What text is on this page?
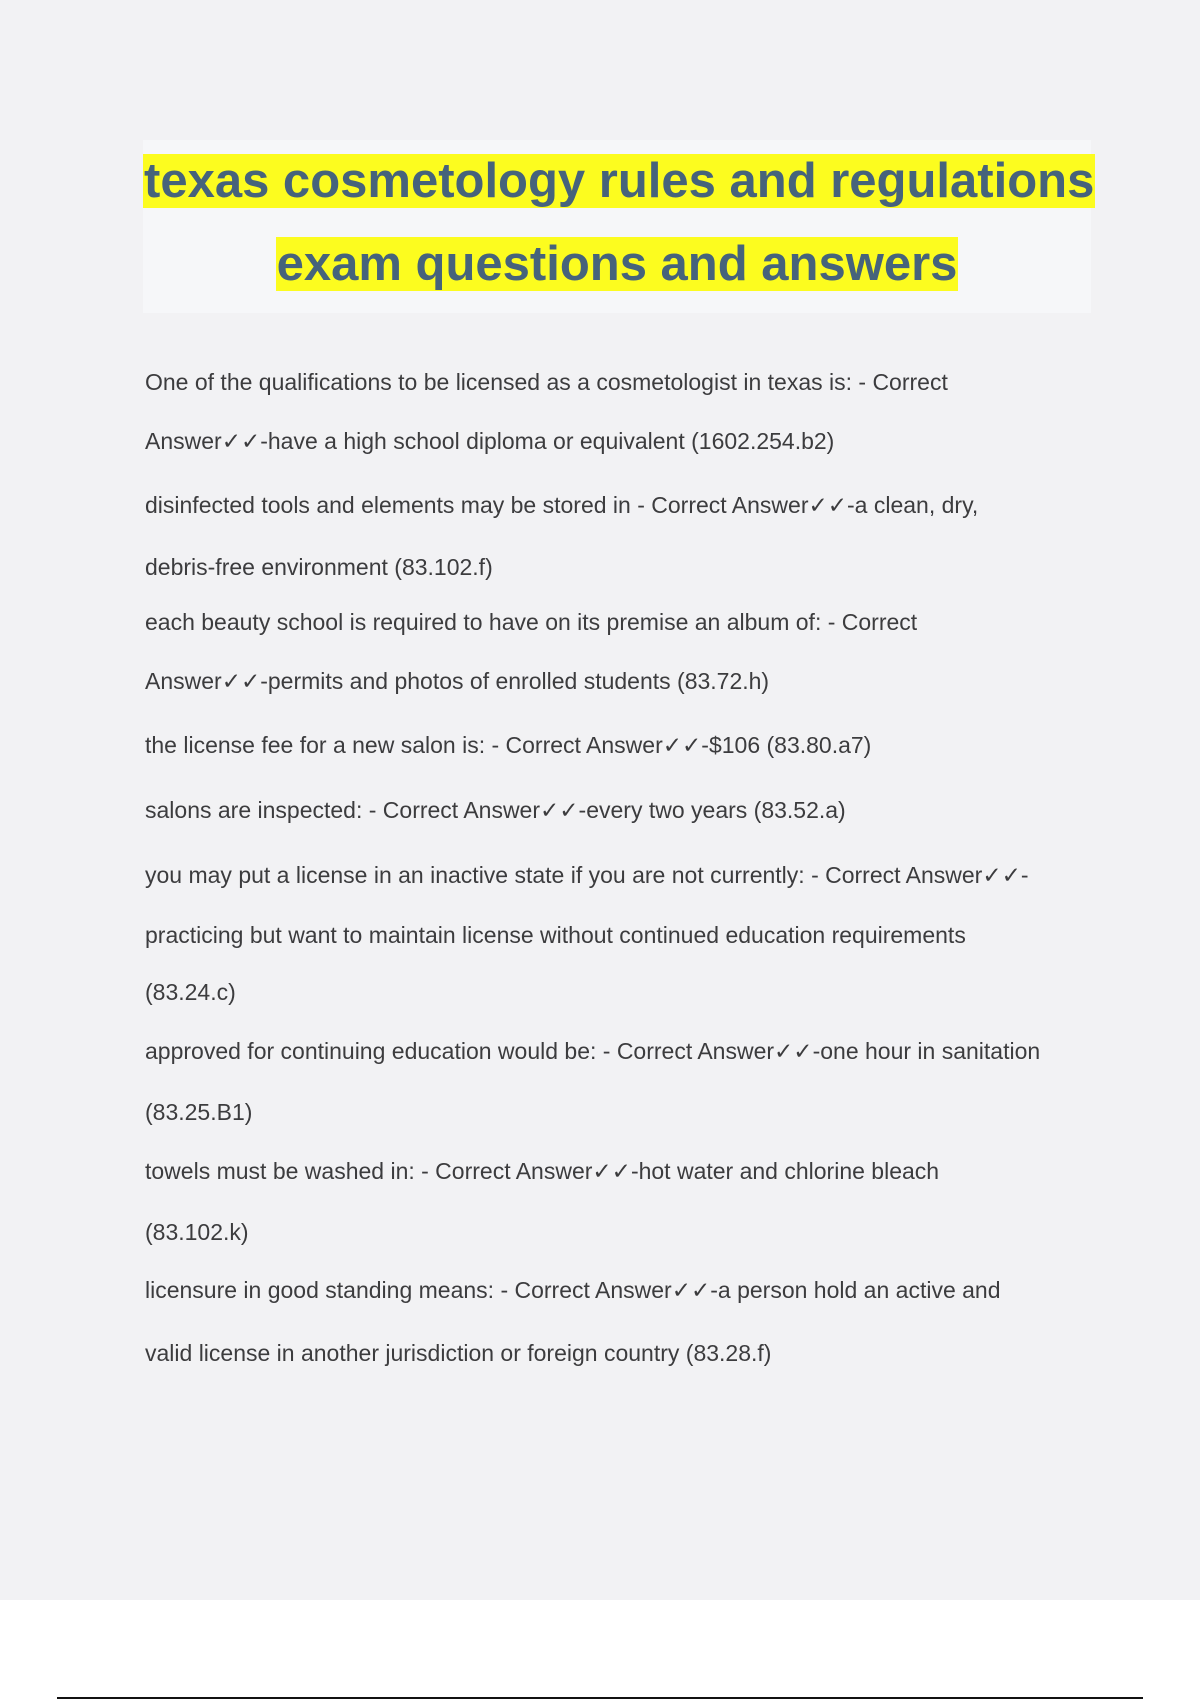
texas cosmetology rules and regulations
exam questions and answers
One of the qualifications to be licensed as a cosmetologist in texas is: - Correct
Answer✓✓-have a high school diploma or equivalent (1602.254.b2)
disinfected tools and elements may be stored in - Correct Answer✓✓-a clean, dry,
debris-free environment (83.102.f)
each beauty school is required to have on its premise an album of: - Correct
Answer✓✓-permits and photos of enrolled students (83.72.h)
the license fee for a new salon is: - Correct Answer✓✓-$106 (83.80.a7)
salons are inspected: - Correct Answer✓✓-every two years (83.52.a)
you may put a license in an inactive state if you are not currently: - Correct Answer✓✓-
practicing but want to maintain license without continued education requirements
(83.24.c)
approved for continuing education would be: - Correct Answer✓✓-one hour in sanitation
(83.25.B1)
towels must be washed in: - Correct Answer✓✓-hot water and chlorine bleach
(83.102.k)
licensure in good standing means: - Correct Answer✓✓-a person hold an active and
valid license in another jurisdiction or foreign country (83.28.f)
